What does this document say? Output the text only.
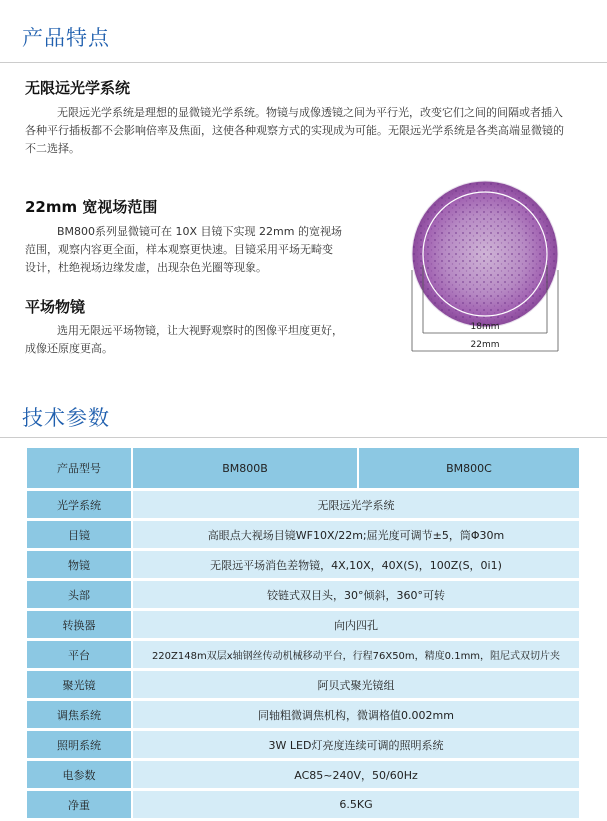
产品特点
无限远光学系统
无限远光学系统是理想的显微镜光学系统。物镜与成像透镜之间为平行光，改变它们之间的间隔或者插入
各种平行插板都不会影响倍率及焦面，这使各种观察方式的实现成为可能。无限远光学系统是各类高端显微镜的
不二选择。
22mm 宽视场范围
BM800系列显微镜可在 10X 目镜下实现 22mm 的宽视场
范围，观察内容更全面，样本观察更快速。目镜采用平场无畸变
设计，杜绝视场边缘发虚，出现杂色光圈等现象。
平场物镜
选用无限远平场物镜，让大视野观察时的图像平坦度更好，
成像还原度更高。
18mm
22mm
技术参数
产品型号	BM800B	BM800C
光学系统	无限远光学系统
目镜	高眼点大视场目镜WF10X/22m;屈光度可调节±5，筒Φ30m
物镜	无限远平场消色差物镜，4X,10X，40X(S)，100Z(S，0i1)
头部	铰链式双目头，30°倾斜，360°可转
转换器	向内四孔
平台	220Z148m双层x轴钢丝传动机械移动平台，行程76X50m，精度0.1mm，阻尼式双切片夹
聚光镜	阿贝式聚光镜组
调焦系统	同轴粗微调焦机构，微调格值0.002mm
照明系统	3W LED灯亮度连续可调的照明系统
电参数	AC85~240V，50/60Hz
净重	6.5KG
